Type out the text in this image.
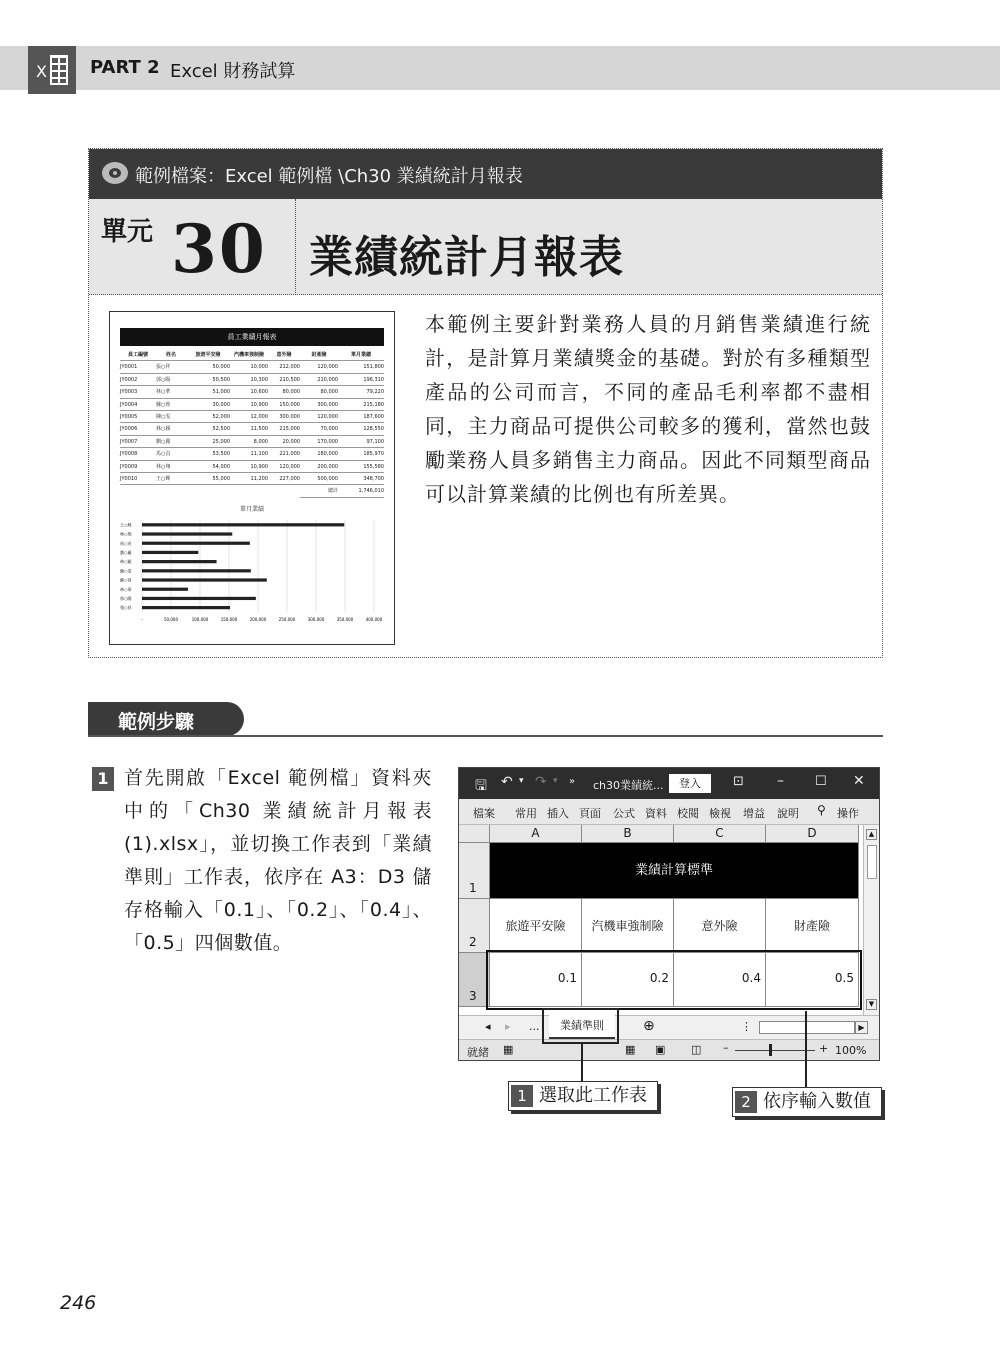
X PART 2 Excel 財務試算
範例檔案：Excel 範例檔 \Ch30 業績統計月報表
單元 30 業績統計月報表
員工業績月報表
員工編號	姓名	旅遊平安險	汽機車強制險	意外險	財產險	單月業績
JY0001	張○祥	50,000	10,000	212,000	120,000	151,800
JY0002	郭○陽	50,500	10,300	210,500	210,000	196,310
JY0003	林○華	51,000	10,600	80,000	80,000	79,220
JY0004	蘇○蓉	30,000	10,900	150,000	300,000	215,180
JY0005	陳○雯	52,000	12,000	300,000	120,000	187,600
JY0006	林○穎	52,500	11,500	215,000	70,000	128,550
JY0007	劉○麗	25,000	8,000	20,000	170,000	97,100
JY0008	馬○貞	53,500	11,100	221,000	180,000	185,970
JY0009	林○翔	54,000	10,900	120,000	200,000	155,580
JY0010	王○輝	55,000	11,200	227,000	500,000	348,700
總計	1,746,010
單月業績
-	50,000	100,000	150,000	200,000	250,000	300,000	350,000	400,000
王○輝
林○翔
馬○貞
劉○麗
林○穎
陳○雯
蘇○蓉
林○華
郭○陽
張○祥
本範例主要針對業務人員的月銷售業績進行統計，是計算月業績獎金的基礎。對於有多種類型產品的公司而言，不同的產品毛利率都不盡相同，主力商品可提供公司較多的獲利，當然也鼓勵業務人員多銷售主力商品。因此不同類型商品可以計算業績的比例也有所差異。
範例步驟
1 首先開啟「Excel 範例檔」資料夾中的「Ch30 業績統計月報表 (1).xlsx」，並切換工作表到「業績準則」工作表，依序在 A3：D3 儲存格輸入「0.1」、「0.2」、「0.4」、「0.5」四個數值。
🖫 ↶ ▾ ↷ ▾ » ch30業績統...	登入	⊡ – ☐ ✕
檔案 常用 插入 頁面 公式 資料 校閱 檢視 增益 說明	操作
⚲
A	B	C	D
1
2
3
業績計算標準
旅遊平安險	汽機車強制險	意外險	財產險
0.1	0.2	0.4	0.5
▲
▼
◂ ▸ ...	業績準則	⊕	⋮	▶
就緒 ▦	▦ ▣ ◫ –	+ 100%
1 選取此工作表	2 依序輸入數值
246
